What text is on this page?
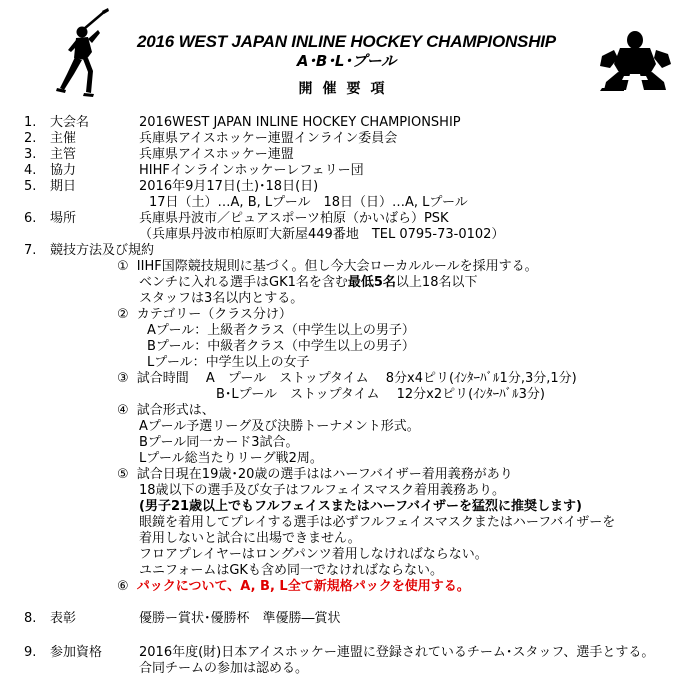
2016 WEST JAPAN INLINE HOCKEY CHAMPIONSHIP
A･B･L･プール
開催要項
1. 大会名	2016WEST JAPAN INLINE HOCKEY CHAMPIONSHIP
2. 主催	兵庫県アイスホッケー連盟インライン委員会
3. 主管	兵庫県アイスホッケー連盟
4. 協力	HIHFインラインホッケーレフェリー団
5. 期日	2016年9月17日(土)･18日(日)
17日（土）…A, B, Lプール　18日（日）…A, Lプール
6. 場所	兵庫県丹波市／ピュアスポーツ柏原（かいばら）PSK
（兵庫県丹波市柏原町大新屋449番地　TEL 0795-73-0102）
7. 競技方法及び規約
① IIHF国際競技規則に基づく。但し今大会ローカルルールを採用する。
ベンチに入れる選手はGK1名を含む最低5名以上18名以下
スタッフは3名以内とする。
② カテゴリー（クラス分け）
Aプール：上級者クラス（中学生以上の男子）
Bプール：中級者クラス（中学生以上の男子）
Lプール：中学生以上の女子
③ 試合時間　 A　プール　ストップタイム　 8分x4ピリ(ｲﾝﾀｰﾊﾞﾙ1分,3分,1分)
B･Lプール　ストップタイム　 12分x2ピリ(ｲﾝﾀｰﾊﾞﾙ3分)
④ 試合形式は、
Aプール予選リーグ及び決勝トーナメント形式。
Bプール同一カード3試合。
Lプール総当たりリーグ戦2周。
⑤ 試合日現在19歳･20歳の選手ははハーフバイザー着用義務があり
18歳以下の選手及び女子はフルフェイスマスク着用義務あり。
(男子21歳以上でもフルフェイスまたはハーフバイザーを猛烈に推奨します)
眼鏡を着用してプレイする選手は必ずフルフェイスマスクまたはハーフバイザーを
着用しないと試合に出場できません。
フロアプレイヤーはロングパンツ着用しなければならない。
ユニフォームはGKも含め同一でなければならない。
⑥ パックについて、A, B, L全て新規格パックを使用する。
8. 表彰	優勝ー賞状･優勝杯　準優勝―賞状
9. 参加資格	2016年度(財)日本アイスホッケー連盟に登録されているチーム･スタッフ、選手とする。
合同チームの参加は認める。
